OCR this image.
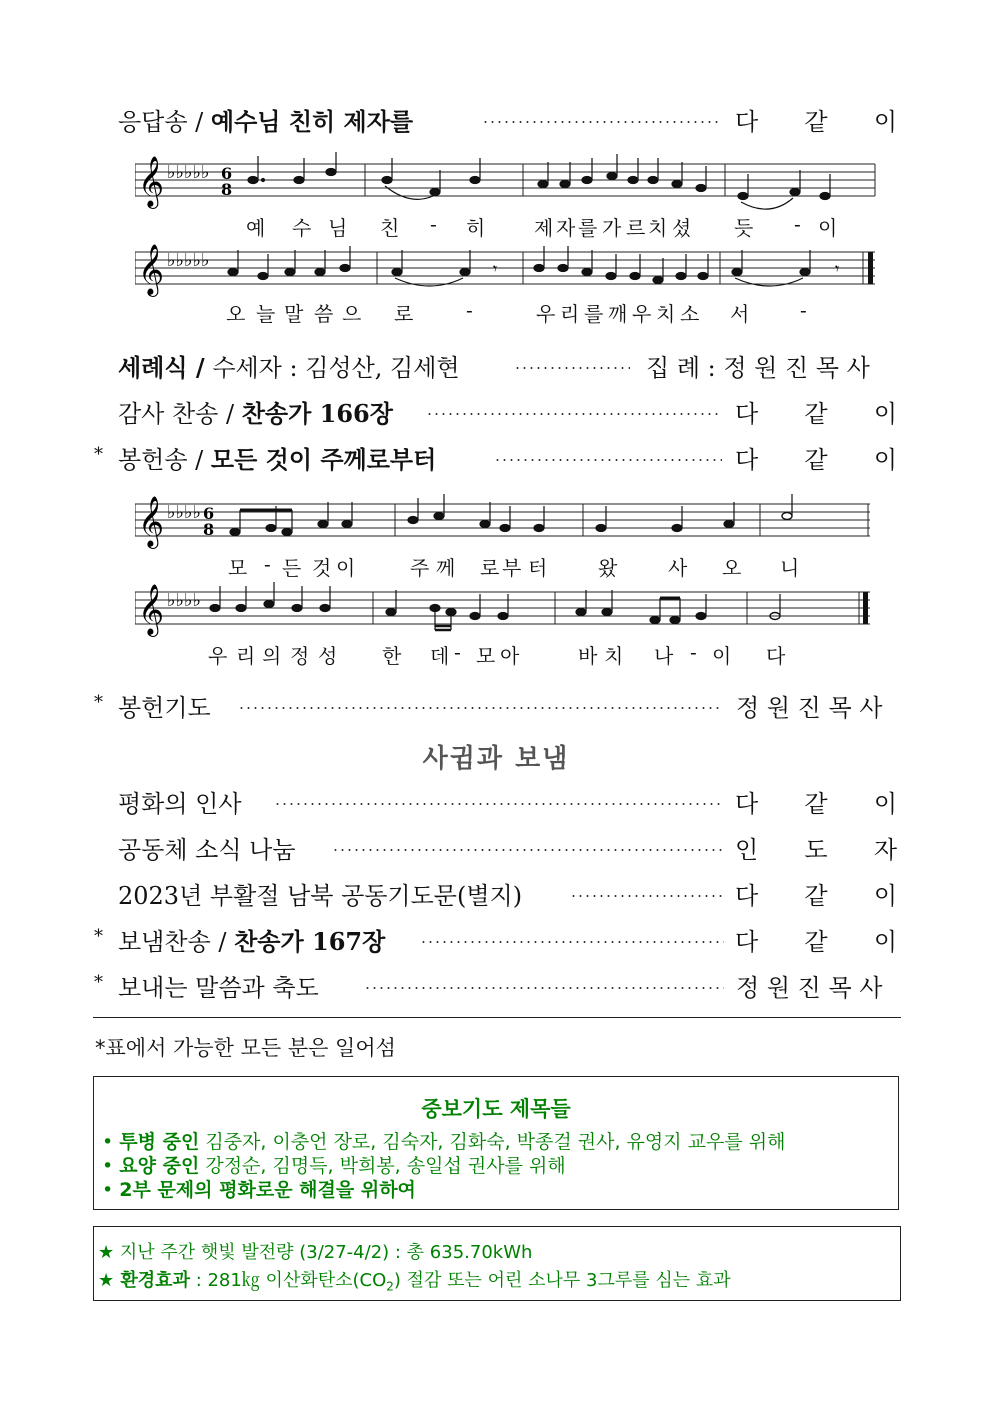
응답송 / 예수님 친히 제자를	다 같 이
𝄞 ♭♭♭♭♭ 6
8
예 수 님 친 - 히 제 자 를 가 르 치 셨 듯 - 이
𝄞 ♭♭♭♭♭	𝄾	𝄾
오 늘 말 씀 으 로	-	우 리 를 깨 우 치 소 서	-
세례식 / 수세자 : 김성산, 김세현	집 례 : 정 원 진 목 사
감사 찬송 / 찬송가 166장	다 같 이
* 봉헌송 / 모든 것이 주께로부터	다 같 이
𝄞 ♭♭♭♭ 6
8
모 - 든 것 이	주 께 로 부 터	왔	사 오 니
𝄞 ♭♭♭♭
우 리 의 정 성 한 데 - 모 아	바 치 나 - 이 다
* 봉헌기도	정 원 진 목 사
사귐과 보냄
평화의 인사	다 같 이
공동체 소식 나눔	인 도 자
2023년 부활절 남북 공동기도문(별지)	다 같 이
* 보냄찬송 / 찬송가 167장	다 같 이
* 보내는 말씀과 축도	정 원 진 목 사
*표에서 가능한 모든 분은 일어섬
중보기도 제목들
• 투병 중인 김중자, 이충언 장로, 김숙자, 김화숙, 박종걸 권사, 유영지 교우를 위해
• 요양 중인 강정순, 김명득, 박희봉, 송일섭 권사를 위해
• 2부 문제의 평화로운 해결을 위하여
★ 지난 주간 햇빛 발전량 (3/27-4/2) : 총 635.70kWh
★ 환경효과 : 281㎏ 이산화탄소$(CO_2)$ 절감 또는 어린 소나무 3그루를 심는 효과
